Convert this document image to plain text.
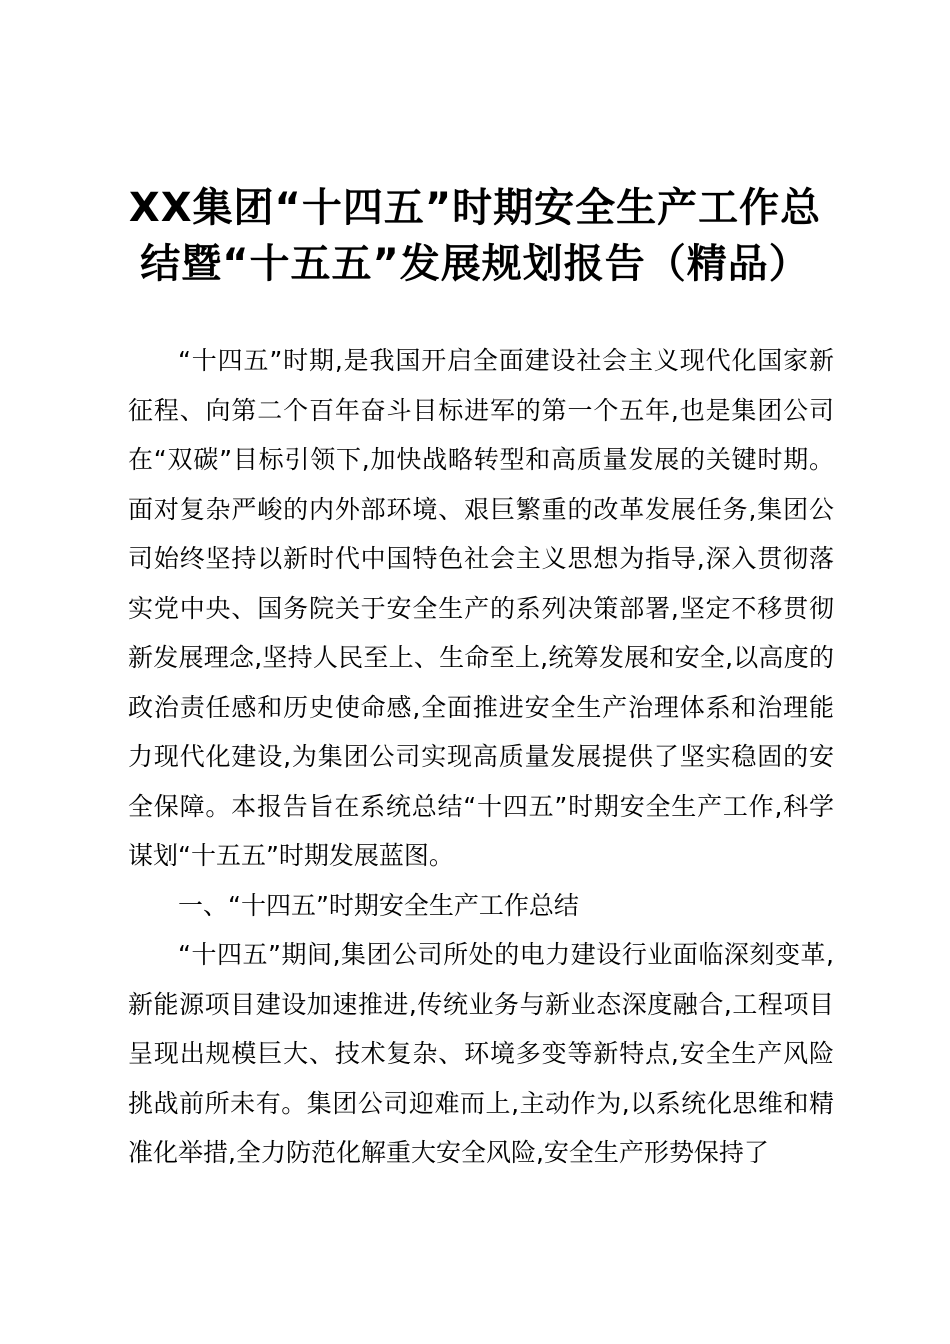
XX集团“十四五”时期安全生产工作总结暨“十五五”发展规划报告（精品）

“十四五”时期,是我国开启全面建设社会主义现代化国家新征程、向第二个百年奋斗目标进军的第一个五年,也是集团公司在“双碳”目标引领下,加快战略转型和高质量发展的关键时期。面对复杂严峻的内外部环境、艰巨繁重的改革发展任务,集团公司始终坚持以新时代中国特色社会主义思想为指导,深入贯彻落实党中央、国务院关于安全生产的系列决策部署,坚定不移贯彻新发展理念,坚持人民至上、生命至上,统筹发展和安全,以高度的政治责任感和历史使命感,全面推进安全生产治理体系和治理能力现代化建设,为集团公司实现高质量发展提供了坚实稳固的安全保障。本报告旨在系统总结“十四五”时期安全生产工作,科学谋划“十五五”时期发展蓝图。

一、“十四五”时期安全生产工作总结

“十四五”期间,集团公司所处的电力建设行业面临深刻变革,新能源项目建设加速推进,传统业务与新业态深度融合,工程项目呈现出规模巨大、技术复杂、环境多变等新特点,安全生产风险挑战前所未有。集团公司迎难而上,主动作为,以系统化思维和精准化举措,全力防范化解重大安全风险,安全生产形势保持了
